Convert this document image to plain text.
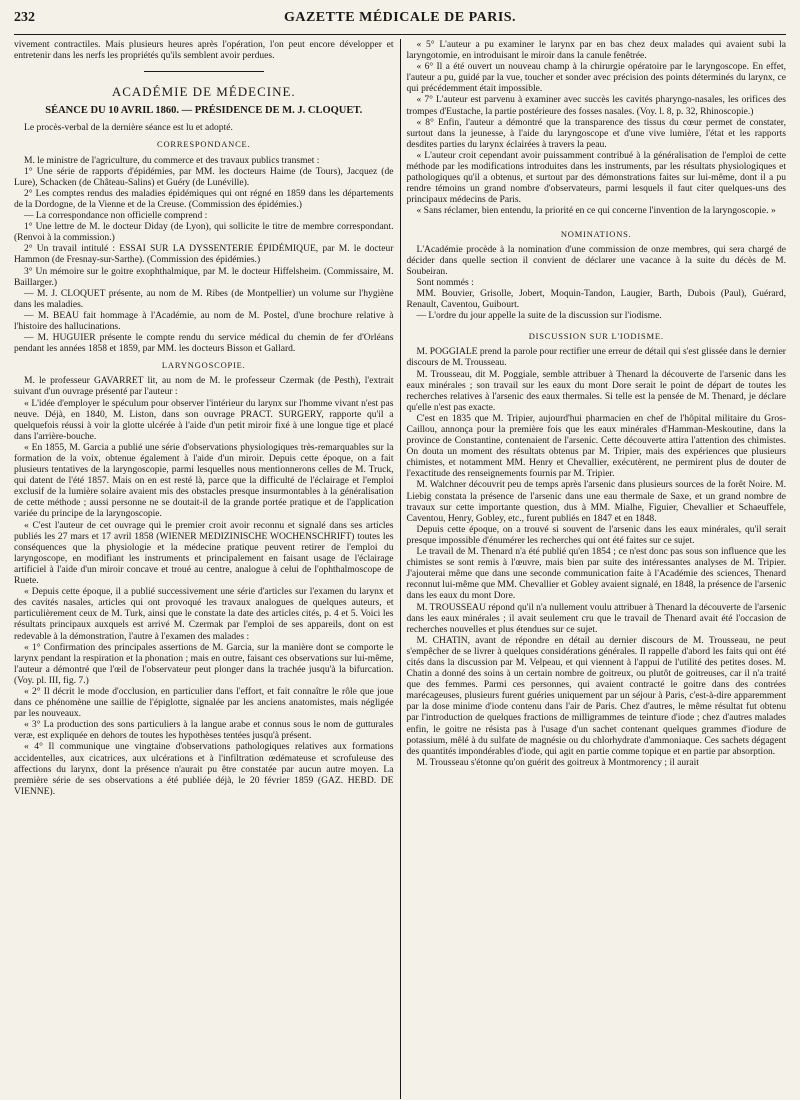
232	GAZETTE MÉDICALE DE PARIS.

vivement contractiles. Mais plusieurs heures après l'opération, l'on peut encore développer et entretenir dans les nerfs les propriétés qu'ils semblent avoir perdues.

ACADÉMIE DE MÉDECINE.
SÉANCE DU 10 AVRIL 1860. — PRÉSIDENCE DE M. J. CLOQUET.

Le procès-verbal de la dernière séance est lu et adopté.

CORRESPONDANCE.

M. le ministre de l'agriculture, du commerce et des travaux publics transmet :

1° Une série de rapports d'épidémies, par MM. les docteurs Haime (de Tours), Jacquez (de Lure), Schacken (de Château-Salins) et Guéry (de Lunéville).

2° Les comptes rendus des maladies épidémiques qui ont régné en 1859 dans les départements de la Dordogne, de la Vienne et de la Creuse. (Commission des épidémies.)

— La correspondance non officielle comprend :

1° Une lettre de M. le docteur Diday (de Lyon), qui sollicite le titre de membre correspondant. (Renvoi à la commission.)

2° Un travail intitulé : ESSAI SUR LA DYSSENTERIE ÉPIDÉMIQUE, par M. le docteur Hammon (de Fresnay-sur-Sarthe). (Commission des épidémies.)

3° Un mémoire sur le goitre exophthalmique, par M. le docteur Hiffelsheim. (Commissaire, M. Baillarger.)

— M. J. CLOQUET présente, au nom de M. Ribes (de Montpellier) un volume sur l'hygiène dans les maladies.

— M. BEAU fait hommage à l'Académie, au nom de M. Postel, d'une brochure relative à l'histoire des hallucinations.

— M. HUGUIER présente le compte rendu du service médical du chemin de fer d'Orléans pendant les années 1858 et 1859, par MM. les docteurs Bisson et Gallard.

LARYNGOSCOPIE.

M. le professeur GAVARRET lit, au nom de M. le professeur Czermak (de Pesth), l'extrait suivant d'un ouvrage présenté par l'auteur :

« L'idée d'employer le spéculum pour observer l'intérieur du larynx sur l'homme vivant n'est pas neuve. Déjà, en 1840, M. Liston, dans son ouvrage PRACT. SURGERY, rapporte qu'il a quelquefois réussi à voir la glotte ulcérée à l'aide d'un petit miroir fixé à une longue tige et placé dans l'arrière-bouche.

« En 1855, M. Garcia a publié une série d'observations physiologiques très-remarquables sur la formation de la voix, obtenue également à l'aide d'un miroir. Depuis cette époque, on a fait plusieurs tentatives de la laryngoscopie, parmi lesquelles nous mentionnerons celles de M. Truck, qui datent de l'été 1857. Mais on en est resté là, parce que la difficulté de l'éclairage et l'emploi exclusif de la lumière solaire avaient mis des obstacles presque insurmontables à la généralisation de cette méthode ; aussi personne ne se doutait-il de la grande portée pratique et de l'application variée du principe de la laryngoscopie.

« C'est l'auteur de cet ouvrage qui le premier croit avoir reconnu et signalé dans ses articles publiés les 27 mars et 17 avril 1858 (WIENER MEDIZINISCHE WOCHENSCHRIFT) toutes les conséquences que la physiologie et la médecine pratique peuvent retirer de l'emploi du laryngoscope, en modifiant les instruments et principalement en faisant usage de l'éclairage artificiel à l'aide d'un miroir concave et troué au centre, analogue à celui de l'ophthalmoscope de Ruete.

« Depuis cette époque, il a publié successivement une série d'articles sur l'examen du larynx et des cavités nasales, articles qui ont provoqué les travaux analogues de quelques auteurs, et particulièrement ceux de M. Turk, ainsi que le constate la date des articles cités, p. 4 et 5. Voici les résultats principaux auxquels est arrivé M. Czermak par l'emploi de ses appareils, dont on est redevable à la démonstration, l'autre à l'examen des malades :

« 1° Confirmation des principales assertions de M. Garcia, sur la manière dont se comporte le larynx pendant la respiration et la phonation ; mais en outre, faisant ces observations sur lui-même, l'auteur a démontré que l'œil de l'observateur peut plonger dans la trachée jusqu'à la bifurcation. (Voy. pl. III, fig. 7.)

« 2° Il décrit le mode d'occlusion, en particulier dans l'effort, et fait connaître le rôle que joue dans ce phénomène une saillie de l'épiglotte, signalée par les anciens anatomistes, mais négligée par les nouveaux.

« 3° La production des sons particuliers à la langue arabe et connus sous le nom de gutturales veræ, est expliquée en dehors de toutes les hypothèses tentées jusqu'à présent.

« 4° Il communique une vingtaine d'observations pathologiques relatives aux formations accidentelles, aux cicatrices, aux ulcérations et à l'infiltration œdémateuse et scrofuleuse des affections du larynx, dont la présence n'aurait pu être constatée par aucun autre moyen. La première série de ses observations a été publiée déjà, le 20 février 1859 (GAZ. HEBD. DE VIENNE).

« 5° L'auteur a pu examiner le larynx par en bas chez deux malades qui avaient subi la laryngotomie, en introduisant le miroir dans la canule fenêtrée.

« 6° Il a été ouvert un nouveau champ à la chirurgie opératoire par le laryngoscope. En effet, l'auteur a pu, guidé par la vue, toucher et sonder avec précision des points déterminés du larynx, ce qui précédemment était impossible.

« 7° L'auteur est parvenu à examiner avec succès les cavités pharyngo-nasales, les orifices des trompes d'Eustache, la partie postérieure des fosses nasales. (Voy. l. 8, p. 32, Rhinoscopie.)

« 8° Enfin, l'auteur a démontré que la transparence des tissus du cœur permet de constater, surtout dans la jeunesse, à l'aide du laryngoscope et d'une vive lumière, l'état et les rapports desdites parties du larynx éclairées à travers la peau.

« L'auteur croit cependant avoir puissamment contribué à la généralisation de l'emploi de cette méthode par les modifications introduites dans les instruments, par les résultats physiologiques et pathologiques qu'il a obtenus, et surtout par des démonstrations faites sur lui-même, dont il a pu rendre témoins un grand nombre d'observateurs, parmi lesquels il faut citer quelques-uns des principaux médecins de Paris.

« Sans réclamer, bien entendu, la priorité en ce qui concerne l'invention de la laryngoscopie. »

NOMINATIONS.

L'Académie procède à la nomination d'une commission de onze membres, qui sera chargé de décider dans quelle section il convient de déclarer une vacance à la suite du décès de M. Soubeiran.

Sont nommés :

MM. Bouvier, Grisolle, Jobert, Moquin-Tandon, Laugier, Barth, Dubois (Paul), Guérard, Renault, Caventou, Guibourt.

— L'ordre du jour appelle la suite de la discussion sur l'iodisme.

DISCUSSION SUR L'IODISME.

M. POGGIALE prend la parole pour rectifier une erreur de détail qui s'est glissée dans le dernier discours de M. Trousseau.

M. Trousseau, dit M. Poggiale, semble attribuer à Thenard la découverte de l'arsenic dans les eaux minérales ; son travail sur les eaux du mont Dore serait le point de départ de toutes les recherches relatives à l'arsenic des eaux thermales. Si telle est la pensée de M. Thenard, je déclare qu'elle n'est pas exacte.

C'est en 1835 que M. Tripier, aujourd'hui pharmacien en chef de l'hôpital militaire du Gros-Caillou, annonça pour la première fois que les eaux minérales d'Hamman-Meskoutine, dans la province de Constantine, contenaient de l'arsenic. Cette découverte attira l'attention des chimistes. On douta un moment des résultats obtenus par M. Tripier, mais des expériences que plusieurs chimistes, et notamment MM. Henry et Chevallier, exécutèrent, ne permirent plus de douter de l'exactitude des renseignements fournis par M. Tripier.

M. Walchner découvrit peu de temps après l'arsenic dans plusieurs sources de la forêt Noire. M. Liebig constata la présence de l'arsenic dans une eau thermale de Saxe, et un grand nombre de travaux sur cette importante question, dus à MM. Mialhe, Figuier, Chevallier et Schaeuffele, Caventou, Henry, Gobley, etc., furent publiés en 1847 et en 1848.

Depuis cette époque, on a trouvé si souvent de l'arsenic dans les eaux minérales, qu'il serait presque impossible d'énumérer les recherches qui ont été faites sur ce sujet.

Le travail de M. Thenard n'a été publié qu'en 1854 ; ce n'est donc pas sous son influence que les chimistes se sont remis à l'œuvre, mais bien par suite des intéressantes analyses de M. Tripier. J'ajouterai même que dans une seconde communication faite à l'Académie des sciences, Thenard reconnut lui-même que MM. Chevallier et Gobley avaient signalé, en 1848, la présence de l'arsenic dans les eaux du mont Dore.

M. TROUSSEAU répond qu'il n'a nullement voulu attribuer à Thenard la découverte de l'arsenic dans les eaux minérales ; il avait seulement cru que le travail de Thenard avait été l'occasion de recherches nouvelles et plus étendues sur ce sujet.

M. CHATIN, avant de répondre en détail au dernier discours de M. Trousseau, ne peut s'empêcher de se livrer à quelques considérations générales. Il rappelle d'abord les faits qui ont été cités dans la discussion par M. Velpeau, et qui viennent à l'appui de l'utilité des petites doses. M. Chatin a donné des soins à un certain nombre de goitreux, ou plutôt de goitreuses, car il n'a traité que des femmes. Parmi ces personnes, qui avaient contracté le goitre dans des contrées marécageuses, plusieurs furent guéries uniquement par un séjour à Paris, c'est-à-dire apparemment par la dose minime d'iode contenu dans l'air de Paris. Chez d'autres, le même résultat fut obtenu par l'introduction de quelques fractions de milligrammes de teinture d'iode ; chez d'autres malades enfin, le goitre ne résista pas à l'usage d'un sachet contenant quelques grammes d'iodure de potassium, mêlé à du sulfate de magnésie ou du chlorhydrate d'ammoniaque. Ces sachets dégagent des quantités impondérables d'iode, qui agit en partie comme topique et en partie par absorption.

M. Trousseau s'étonne qu'on guérit des goitreux à Montmorency ; il aurait
